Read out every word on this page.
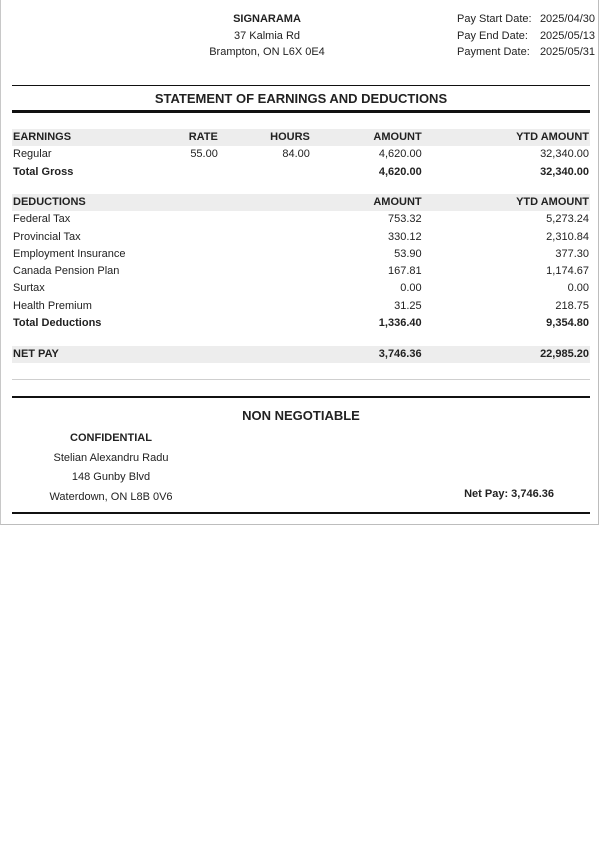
SIGNARAMA
37 Kalmia Rd
Brampton, ON L6X 0E4
Pay Start Date: 2025/04/30
Pay End Date: 2025/05/13
Payment Date: 2025/05/31
STATEMENT OF EARNINGS AND DEDUCTIONS
EARNINGS	RATE	HOURS	AMOUNT	YTD AMOUNT
Regular	55.00	84.00	4,620.00	32,340.00
Total Gross			4,620.00	32,340.00
DEDUCTIONS			AMOUNT	YTD AMOUNT
Federal Tax			753.32	5,273.24
Provincial Tax			330.12	2,310.84
Employment Insurance			53.90	377.30
Canada Pension Plan			167.81	1,174.67
Surtax			0.00	0.00
Health Premium			31.25	218.75
Total Deductions			1,336.40	9,354.80
NET PAY			3,746.36	22,985.20
NON NEGOTIABLE
CONFIDENTIAL
Stelian Alexandru Radu
148 Gunby Blvd
Waterdown, ON L8B 0V6	Net Pay: 3,746.36
